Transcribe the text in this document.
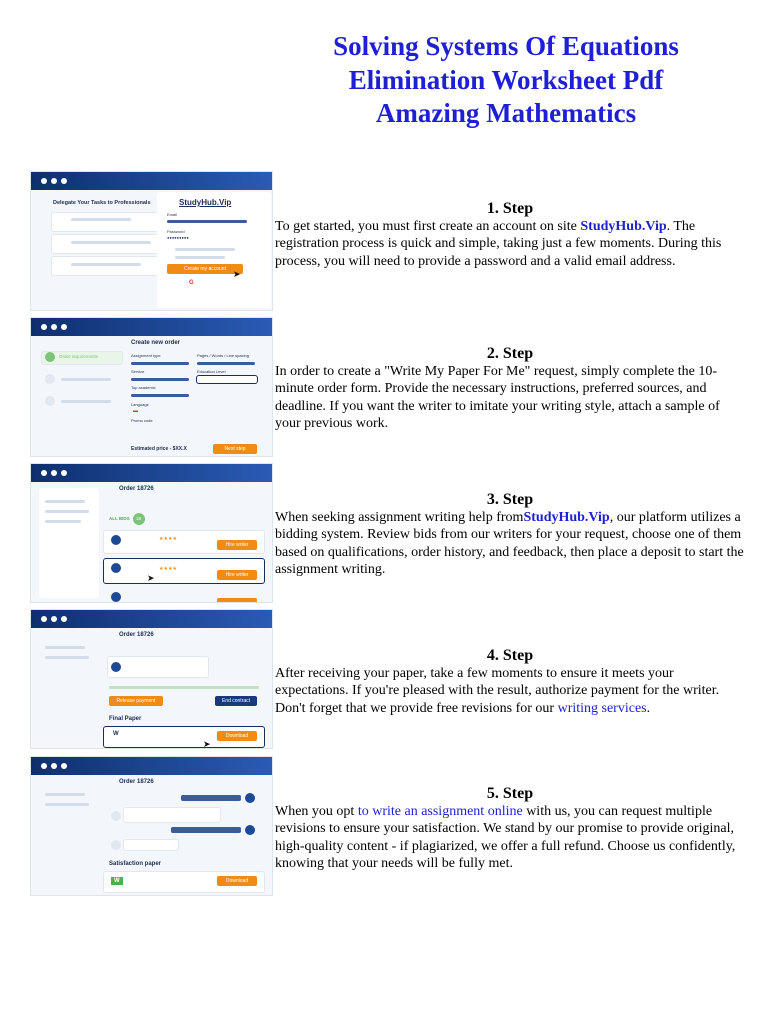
Solving Systems Of Equations
Elimination Worksheet Pdf
Amazing Mathematics
Delegate Your Tasks to Professionals	StudyHub.Vip
Email
Password
●●●●●●●●●
Create my account ➤
G
Create new order
Order requirements	Assignment type	Pages / Words / Line spacing
Service	Education Level
Top academic
Language
▬
Promo code
Estimated price - $XX.X	Next step
Order 18726
ALL BIDS 18
★★★★
Hire writer
★★★★
Hire writer
➤
Order 18726
Release payment	End contract
Final Paper
W	Download
➤
Order 18726
Satisfaction paper
W	Download
1. Step

To get started, you must first create an account on site StudyHub.Vip. The registration process is quick and simple, taking just a few moments. During this process, you will need to provide a password and a valid email address.

2. Step

In order to create a "Write My Paper For Me" request, simply complete the 10-minute order form. Provide the necessary instructions, preferred sources, and deadline. If you want the writer to imitate your writing style, attach a sample of your previous work.

3. Step

When seeking assignment writing help fromStudyHub.Vip, our platform utilizes a bidding system. Review bids from our writers for your request, choose one of them based on qualifications, order history, and feedback, then place a deposit to start the assignment writing.

4. Step

After receiving your paper, take a few moments to ensure it meets your expectations. If you're pleased with the result, authorize payment for the writer. Don't forget that we provide free revisions for our writing services.

5. Step

When you opt to write an assignment online with us, you can request multiple revisions to ensure your satisfaction. We stand by our promise to provide original, high-quality content - if plagiarized, we offer a full refund. Choose us confidently, knowing that your needs will be fully met.
